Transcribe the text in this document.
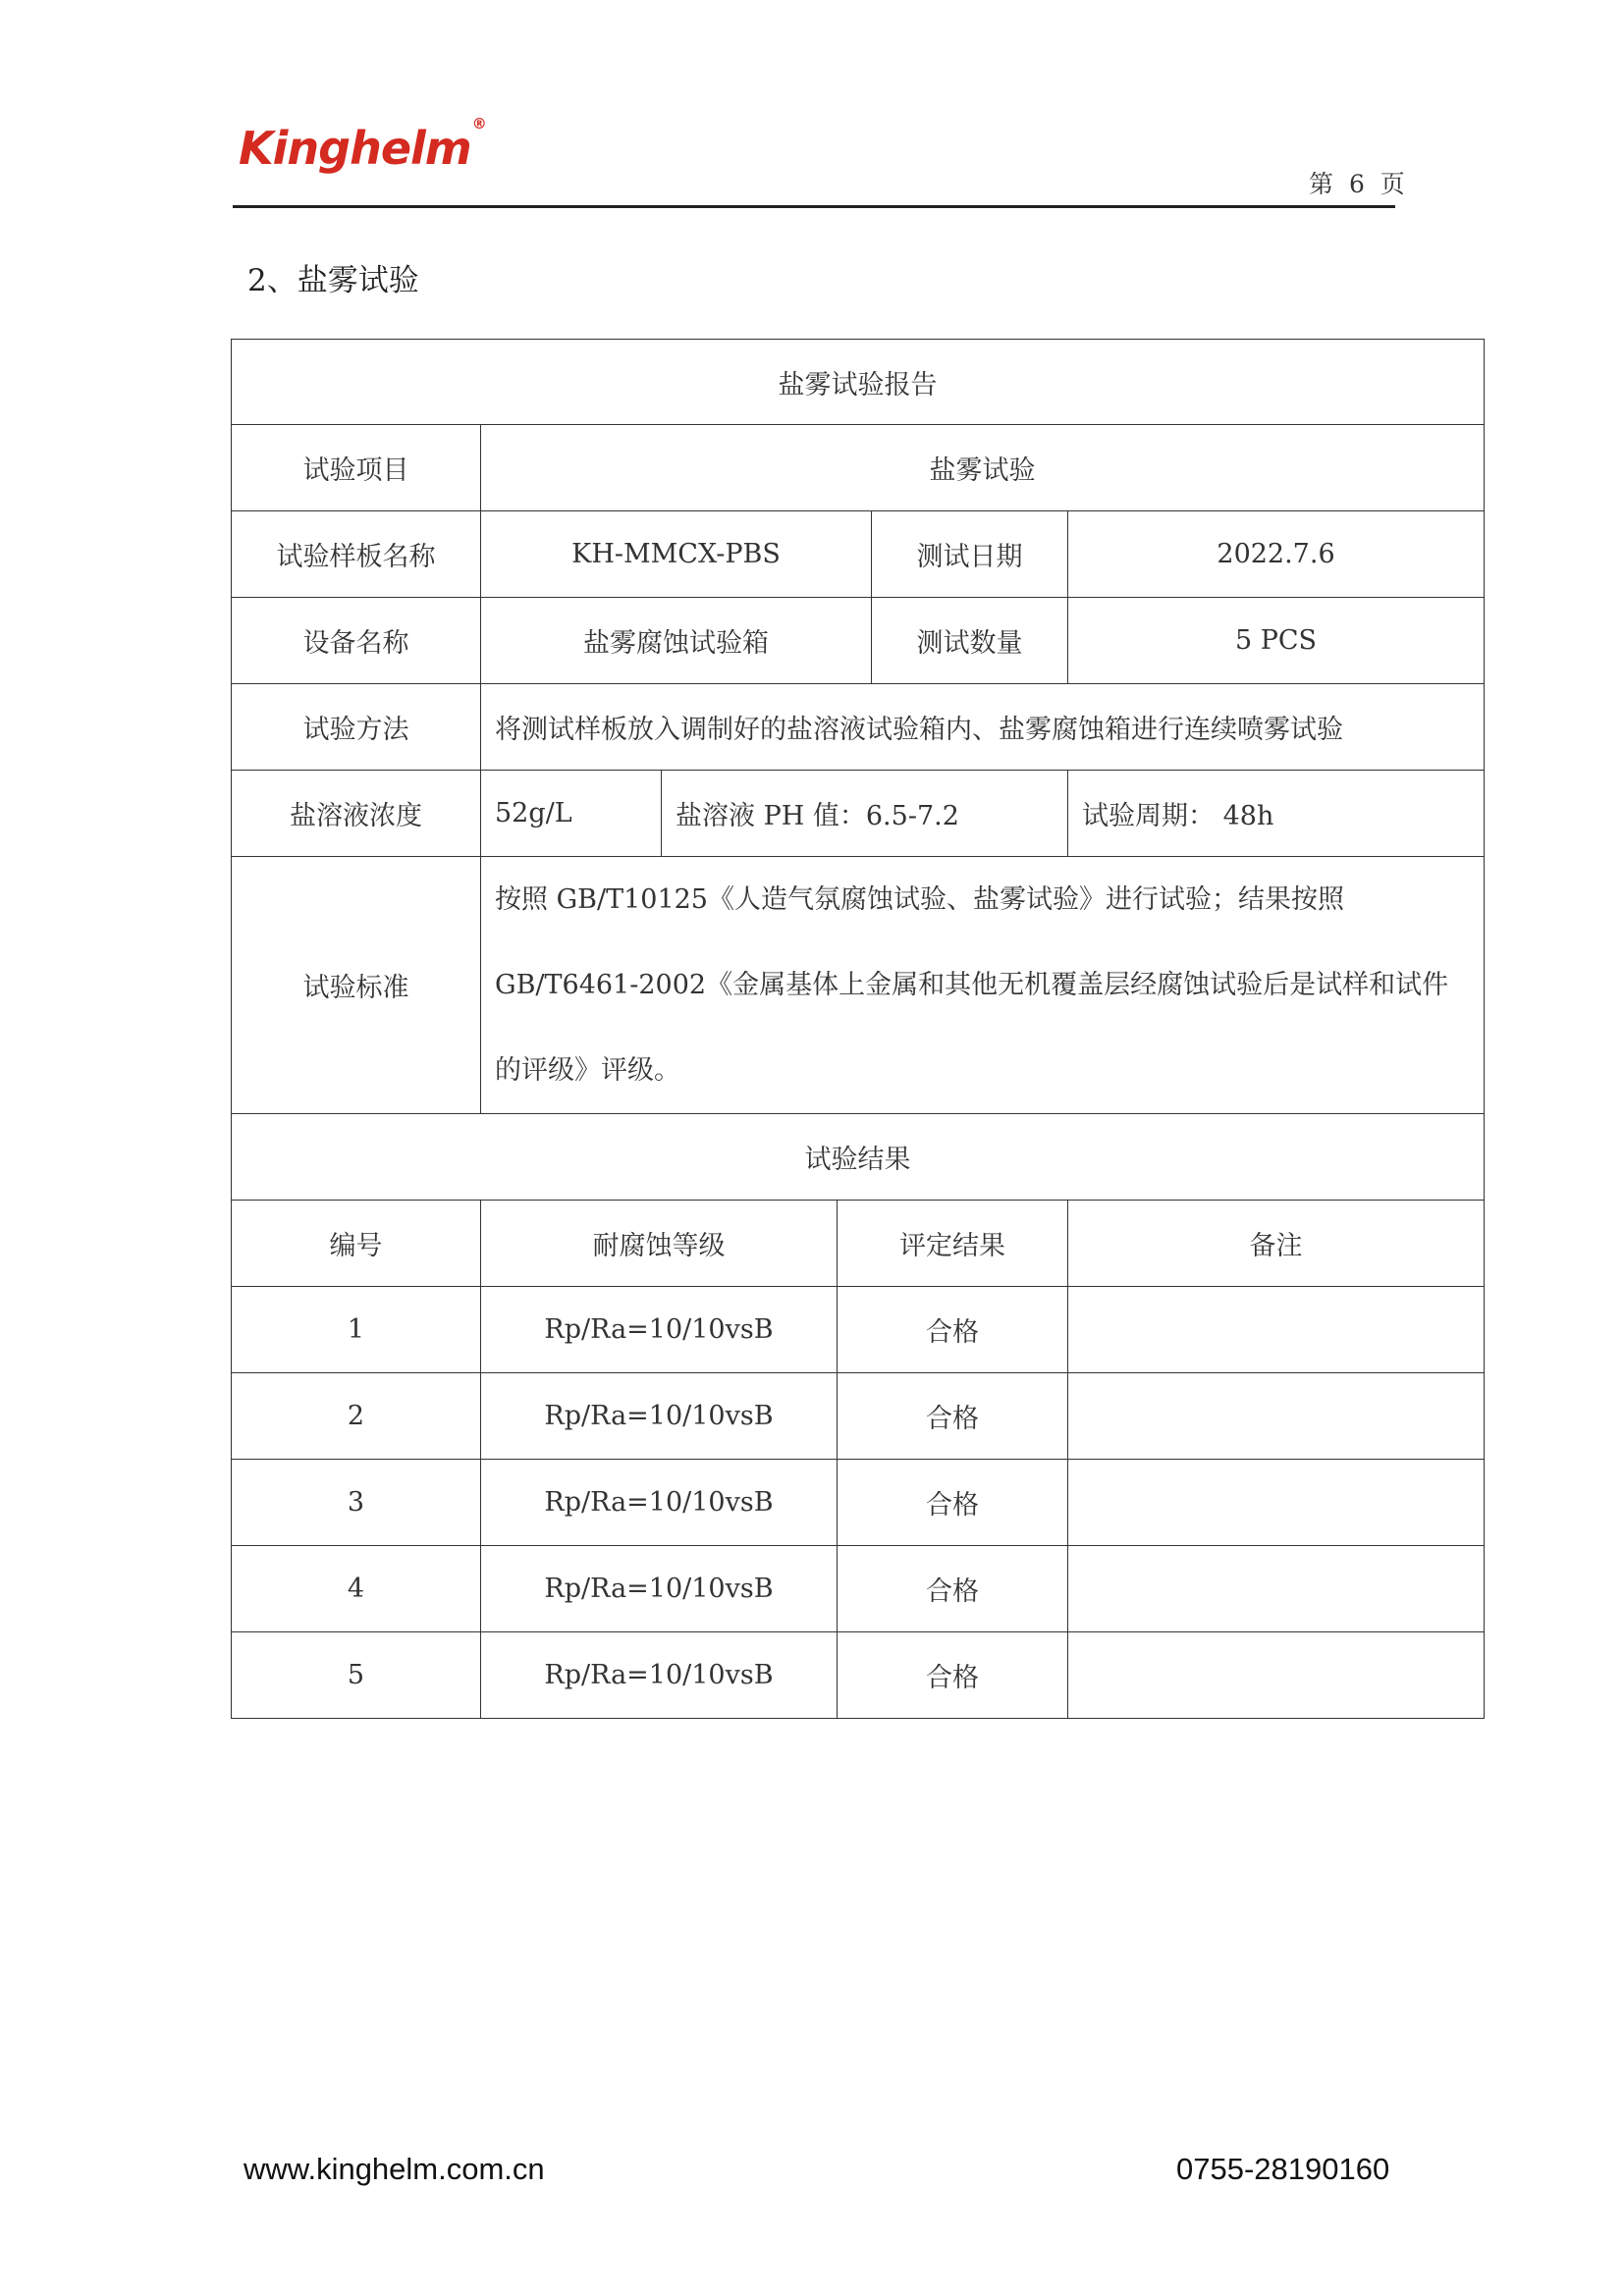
Kinghelm®
第 6 页
2、盐雾试验
盐雾试验报告					
试验项目	盐雾试验				
试验样板名称	KH-MMCX-PBS			测试日期	2022.7.6
设备名称	盐雾腐蚀试验箱			测试数量	5 PCS
试验方法	将测试样板放入调制好的盐溶液试验箱内、盐雾腐蚀箱进行连续喷雾试验				
盐溶液浓度	52g/L	盐溶液 PH 值：6.5-7.2			试验周期： 48h
试验标准	按照 GB/T10125《人造气氛腐蚀试验、盐雾试验》进行试验；结果按照 GB/T6461-2002《金属基体上金属和其他无机覆盖层经腐蚀试验后是试样和试件的评级》评级。				
试验结果					
编号	耐腐蚀等级		评定结果		备注
1	Rp/Ra=10/10vsB		合格		
2	Rp/Ra=10/10vsB		合格		
3	Rp/Ra=10/10vsB		合格		
4	Rp/Ra=10/10vsB		合格		
5	Rp/Ra=10/10vsB		合格		
www.kinghelm.com.cn	0755-28190160
